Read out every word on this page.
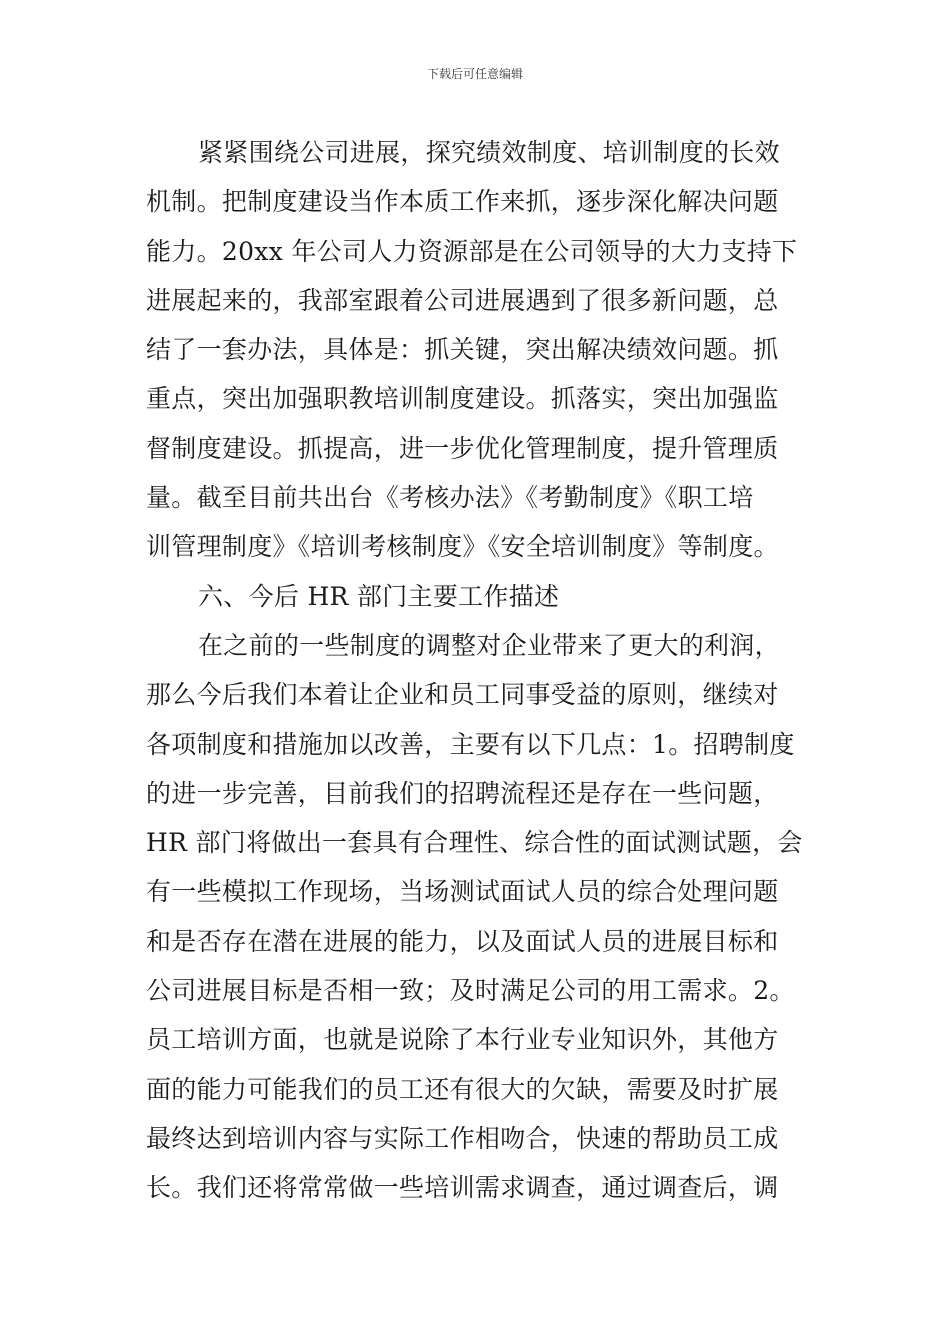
下载后可任意编辑
紧紧围绕公司进展，探究绩效制度、培训制度的长效
机制。把制度建设当作本质工作来抓，逐步深化解决问题
能力。20xx 年公司人力资源部是在公司领导的大力支持下
进展起来的，我部室跟着公司进展遇到了很多新问题，总
结了一套办法，具体是：抓关键，突出解决绩效问题。抓
重点，突出加强职教培训制度建设。抓落实，突出加强监
督制度建设。抓提高，进一步优化管理制度，提升管理质
量。截至目前共出台《考核办法》《考勤制度》《职工培
训管理制度》《培训考核制度》《安全培训制度》等制度。
六、今后 HR 部门主要工作描述
在之前的一些制度的调整对企业带来了更大的利润，
那么今后我们本着让企业和员工同事受益的原则，继续对
各项制度和措施加以改善，主要有以下几点：1。招聘制度
的进一步完善，目前我们的招聘流程还是存在一些问题，
HR 部门将做出一套具有合理性、综合性的面试测试题，会
有一些模拟工作现场，当场测试面试人员的综合处理问题
和是否存在潜在进展的能力，以及面试人员的进展目标和
公司进展目标是否相一致；及时满足公司的用工需求。2。
员工培训方面，也就是说除了本行业专业知识外，其他方
面的能力可能我们的员工还有很大的欠缺，需要及时扩展
最终达到培训内容与实际工作相吻合，快速的帮助员工成
长。我们还将常常做一些培训需求调查，通过调查后，调
